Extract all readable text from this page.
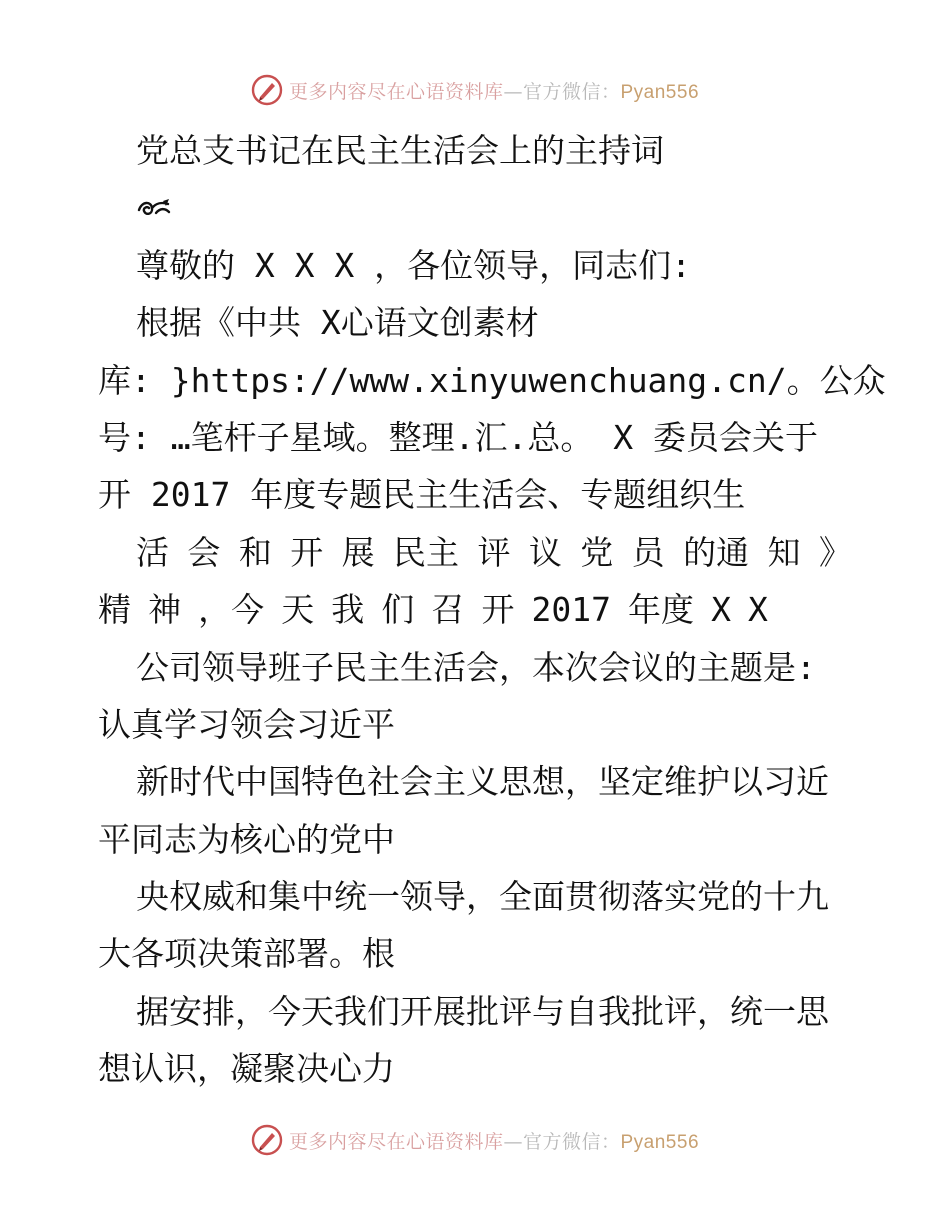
更多内容尽在心语资料库—官方微信：Pyan556
党总支书记在民主生活会上的主持词
尊敬的 X X X ，各位领导，同志们:
根据《中共 X心语文创素材
库: }https://www.xinyuwenchuang.cn/。公众
号: …笔杆子星域。整理.汇.总。 X 委员会关于
开 2017 年度专题民主生活会、专题组织生
活 会 和 开 展 民主 评 议 党 员 的通 知 》
精 神 ，今 天 我 们 召 开 2017 年度 X X
公司领导班子民主生活会，本次会议的主题是:
认真学习领会习近平
新时代中国特色社会主义思想，坚定维护以习近
平同志为核心的党中
央权威和集中统一领导，全面贯彻落实党的十九
大各项决策部署。根
据安排，今天我们开展批评与自我批评，统一思
想认识，凝聚决心力
更多内容尽在心语资料库—官方微信：Pyan556
